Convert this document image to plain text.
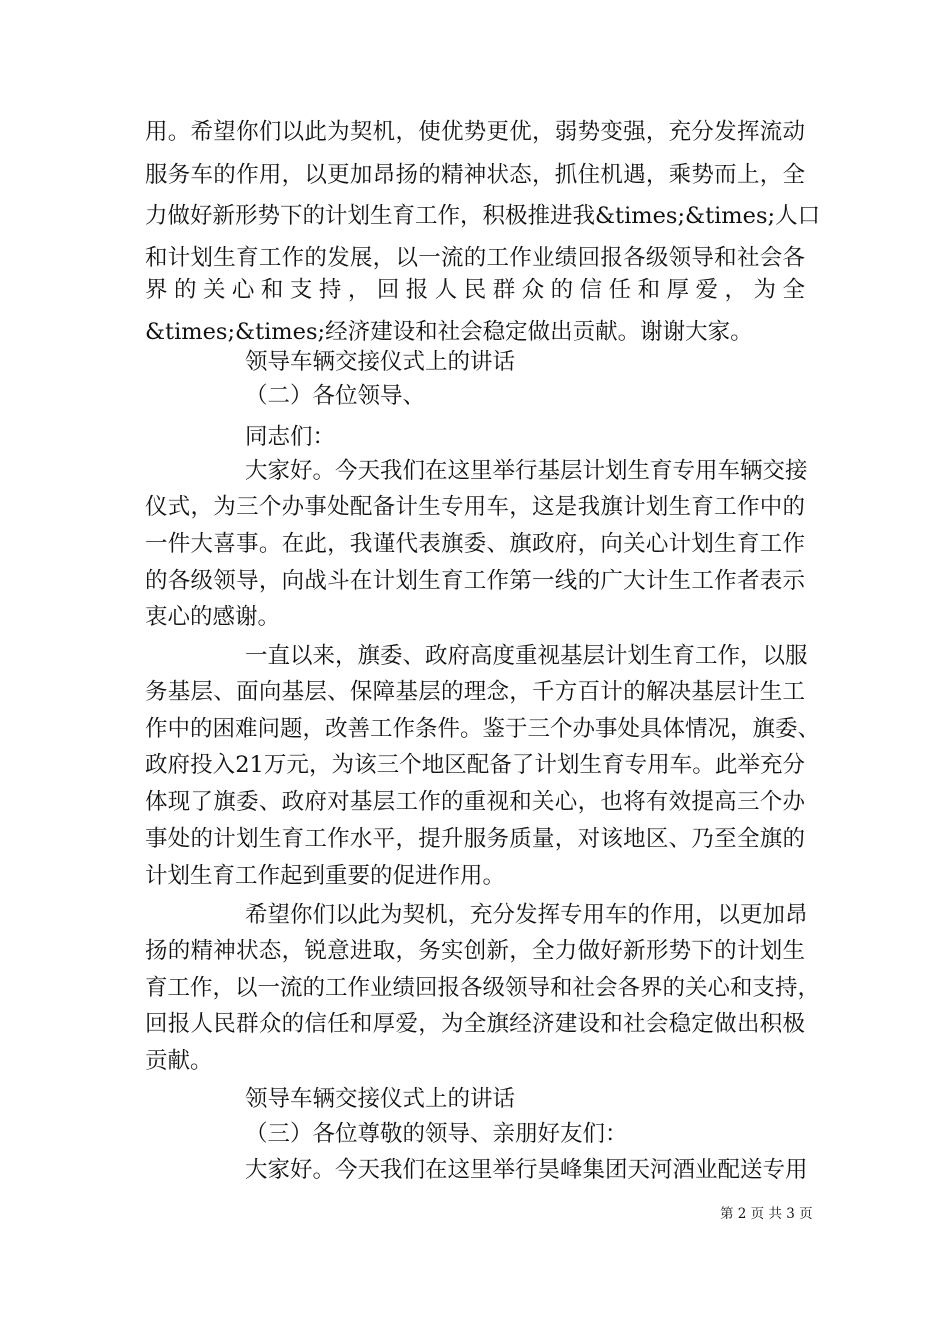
用。希望你们以此为契机，使优势更优，弱势变强，充分发挥流动
服务车的作用，以更加昂扬的精神状态，抓住机遇，乘势而上，全
力做好新形势下的计划生育工作，积极推进我&times;&times;人口
和计划生育工作的发展，以一流的工作业绩回报各级领导和社会各
界的关心和支持，回报人民群众的信任和厚爱，为全
&times;&times;经济建设和社会稳定做出贡献。谢谢大家。
领导车辆交接仪式上的讲话
（二）各位领导、
同志们：
大家好。今天我们在这里举行基层计划生育专用车辆交接
仪式，为三个办事处配备计生专用车，这是我旗计划生育工作中的
一件大喜事。在此，我谨代表旗委、旗政府，向关心计划生育工作
的各级领导，向战斗在计划生育工作第一线的广大计生工作者表示
衷心的感谢。
一直以来，旗委、政府高度重视基层计划生育工作，以服
务基层、面向基层、保障基层的理念，千方百计的解决基层计生工
作中的困难问题，改善工作条件。鉴于三个办事处具体情况，旗委、
政府投入21万元，为该三个地区配备了计划生育专用车。此举充分
体现了旗委、政府对基层工作的重视和关心，也将有效提高三个办
事处的计划生育工作水平，提升服务质量，对该地区、乃至全旗的
计划生育工作起到重要的促进作用。
希望你们以此为契机，充分发挥专用车的作用，以更加昂
扬的精神状态，锐意进取，务实创新，全力做好新形势下的计划生
育工作，以一流的工作业绩回报各级领导和社会各界的关心和支持，
回报人民群众的信任和厚爱，为全旗经济建设和社会稳定做出积极
贡献。
领导车辆交接仪式上的讲话
（三）各位尊敬的领导、亲朋好友们：
大家好。今天我们在这里举行昊峰集团天河酒业配送专用
第 2 页 共 3 页
